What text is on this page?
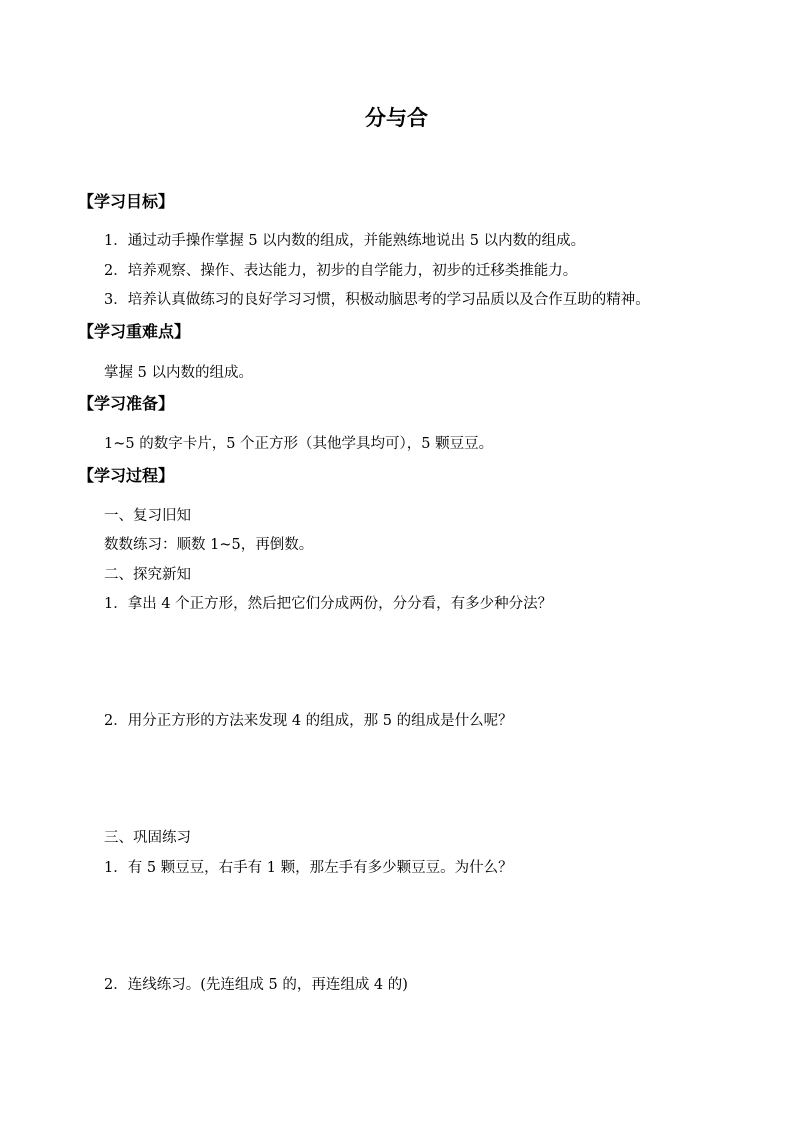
分与合
【学习目标】
1．通过动手操作掌握 5 以内数的组成，并能熟练地说出 5 以内数的组成。
2．培养观察、操作、表达能力，初步的自学能力，初步的迁移类推能力。
3．培养认真做练习的良好学习习惯，积极动脑思考的学习品质以及合作互助的精神。
【学习重难点】
掌握 5 以内数的组成。
【学习准备】
1~5 的数字卡片，5 个正方形（其他学具均可），5 颗豆豆。
【学习过程】
一、复习旧知
数数练习：顺数 1~5，再倒数。
二、探究新知
1．拿出 4 个正方形，然后把它们分成两份，分分看，有多少种分法？
2．用分正方形的方法来发现 4 的组成，那 5 的组成是什么呢？
三、巩固练习
1．有 5 颗豆豆，右手有 1 颗，那左手有多少颗豆豆。为什么？
2．连线练习。(先连组成 5 的，再连组成 4 的)
